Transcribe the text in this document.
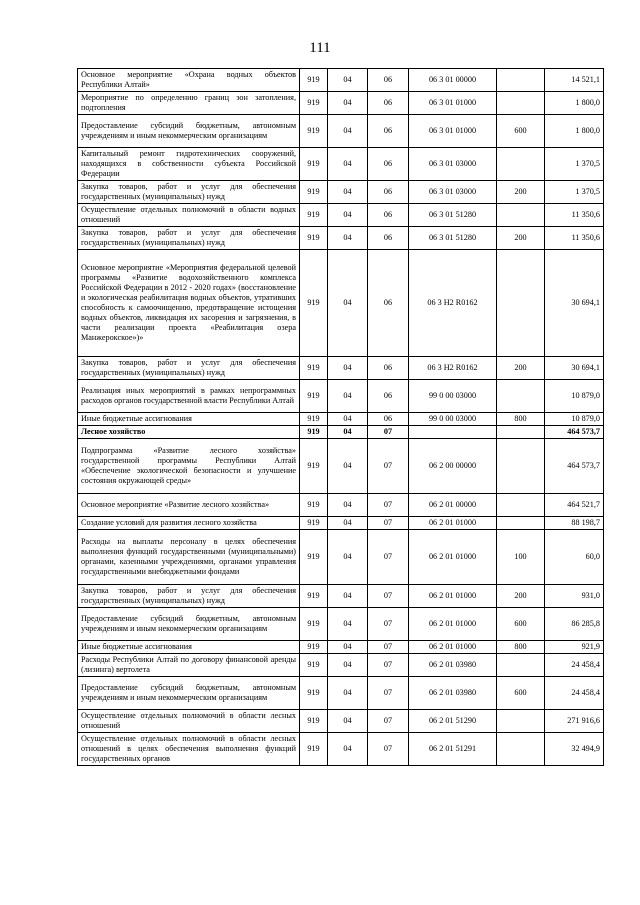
111
Основное мероприятие «Охрана водных объектов Республики Алтай»	919	04	06	06 3 01 00000		14 521,1
Мероприятие по определению границ зон затопления, подтопления	919	04	06	06 3 01 01000		1 800,0
Предоставление субсидий бюджетным, автономным учреждениям и иным некоммерческим организациям	919	04	06	06 3 01 01000	600	1 800,0
Капитальный ремонт гидротехнических сооружений, находящихся в собственности субъекта Российской Федерации	919	04	06	06 3 01 03000		1 370,5
Закупка товаров, работ и услуг для обеспечения государственных (муниципальных) нужд	919	04	06	06 3 01 03000	200	1 370,5
Осуществление отдельных полномочий в области водных отношений	919	04	06	06 3 01 51280		11 350,6
Закупка товаров, работ и услуг для обеспечения государственных (муниципальных) нужд	919	04	06	06 3 01 51280	200	11 350,6
Основное мероприятие «Мероприятия федеральной целевой программы «Развитие водохозяйственного комплекса Российской Федерации в 2012 - 2020 годах» (восстановление и экологическая реабилитация водных объектов, утративших способность к самоочищению, предотвращение истощения водных объектов, ликвидация их засорения и загрязнения, в части реализации проекта «Реабилитация озера Манжерокское»)»	919	04	06	06 3 H2 R0162		30 694,1
Закупка товаров, работ и услуг для обеспечения государственных (муниципальных) нужд	919	04	06	06 3 H2 R0162	200	30 694,1
Реализация иных мероприятий в рамках непрограммных расходов органов государственной власти Республики Алтай	919	04	06	99 0 00 03000		10 879,0
Иные бюджетные ассигнования	919	04	06	99 0 00 03000	800	10 879,0
Лесное хозяйство	919	04	07			464 573,7
Подпрограмма «Развитие лесного хозяйства» государственной программы Республики Алтай «Обеспечение экологической безопасности и улучшение состояния окружающей среды»	919	04	07	06 2 00 00000		464 573,7
Основное мероприятие «Развитие лесного хозяйства»	919	04	07	06 2 01 00000		464 521,7
Создание условий для развития лесного хозяйства	919	04	07	06 2 01 01000		88 198,7
Расходы на выплаты персоналу в целях обеспечения выполнения функций государственными (муниципальными) органами, казенными учреждениями, органами управления государственными внебюджетными фондами	919	04	07	06 2 01 01000	100	60,0
Закупка товаров, работ и услуг для обеспечения государственных (муниципальных) нужд	919	04	07	06 2 01 01000	200	931,0
Предоставление субсидий бюджетным, автономным учреждениям и иным некоммерческим организациям	919	04	07	06 2 01 01000	600	86 285,8
Иные бюджетные ассигнования	919	04	07	06 2 01 01000	800	921,9
Расходы Республики Алтай по договору финансовой аренды (лизинга) вертолета	919	04	07	06 2 01 03980		24 458,4
Предоставление субсидий бюджетным, автономным учреждениям и иным некоммерческим организациям	919	04	07	06 2 01 03980	600	24 458,4
Осуществление отдельных полномочий в области лесных отношений	919	04	07	06 2 01 51290		271 916,6
Осуществление отдельных полномочий в области лесных отношений в целях обеспечения выполнения функций государственных органов	919	04	07	06 2 01 51291		32 494,9
